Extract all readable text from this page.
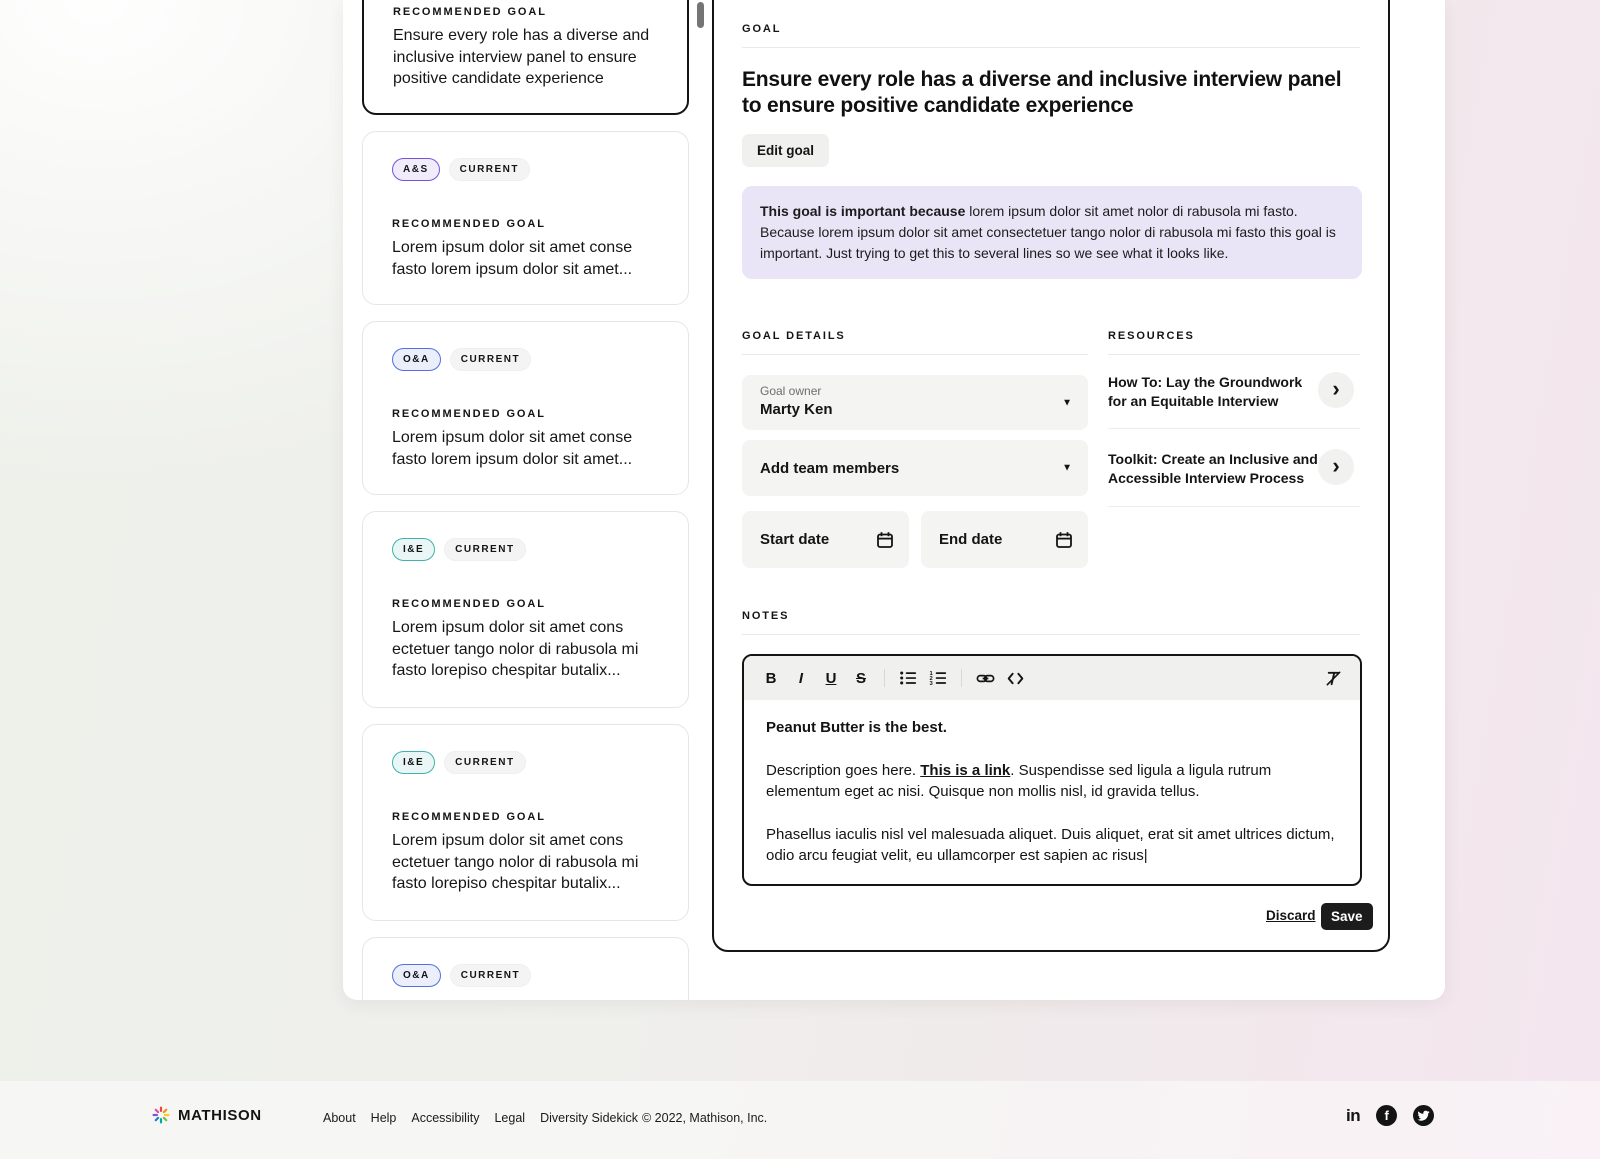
RECOMMENDED GOAL
Ensure every role has a diverse and inclusive interview panel to ensure positive candidate experience
A&S	CURRENT
RECOMMENDED GOAL
Lorem ipsum dolor sit amet conse fasto lorem ipsum dolor sit amet...
O&A	CURRENT
RECOMMENDED GOAL
Lorem ipsum dolor sit amet conse fasto lorem ipsum dolor sit amet...
I&E	CURRENT
RECOMMENDED GOAL
Lorem ipsum dolor sit amet cons ectetuer tango nolor di rabusola mi fasto lorepiso chespitar butalix...
I&E	CURRENT
RECOMMENDED GOAL
Lorem ipsum dolor sit amet cons ectetuer tango nolor di rabusola mi fasto lorepiso chespitar butalix...
O&A	CURRENT
GOAL
Ensure every role has a diverse and inclusive interview panel to ensure positive candidate experience
Edit goal
This goal is important because lorem ipsum dolor sit amet nolor di rabusola mi fasto. Because lorem ipsum dolor sit amet consectetuer tango nolor di rabusola mi fasto this goal is important. Just trying to get this to several lines so we see what it looks like.
GOAL DETAILS
Goal owner
Marty Ken	▼
Add team members	▼
Start date	End date
RESOURCES
How To: Lay the Groundwork for an Equitable Interview	›
Toolkit: Create an Inclusive and Accessible Interview Process	›
NOTES
B	I	U	S	1
2
3

Peanut Butter is the best.

Description goes here. This is a link. Suspendisse sed ligula a ligula rutrum elementum eget ac nisi. Quisque non mollis nisl, id gravida tellus.

Phasellus iaculis nisl vel malesuada aliquet. Duis aliquet, erat sit amet ultrices dictum, odio arcu feugiat velit, eu ullamcorper est sapien ac risus|

Discard	Save
MATHISON	About Help Accessibility Legal Diversity Sidekick © 2022, Mathison, Inc.	in f
